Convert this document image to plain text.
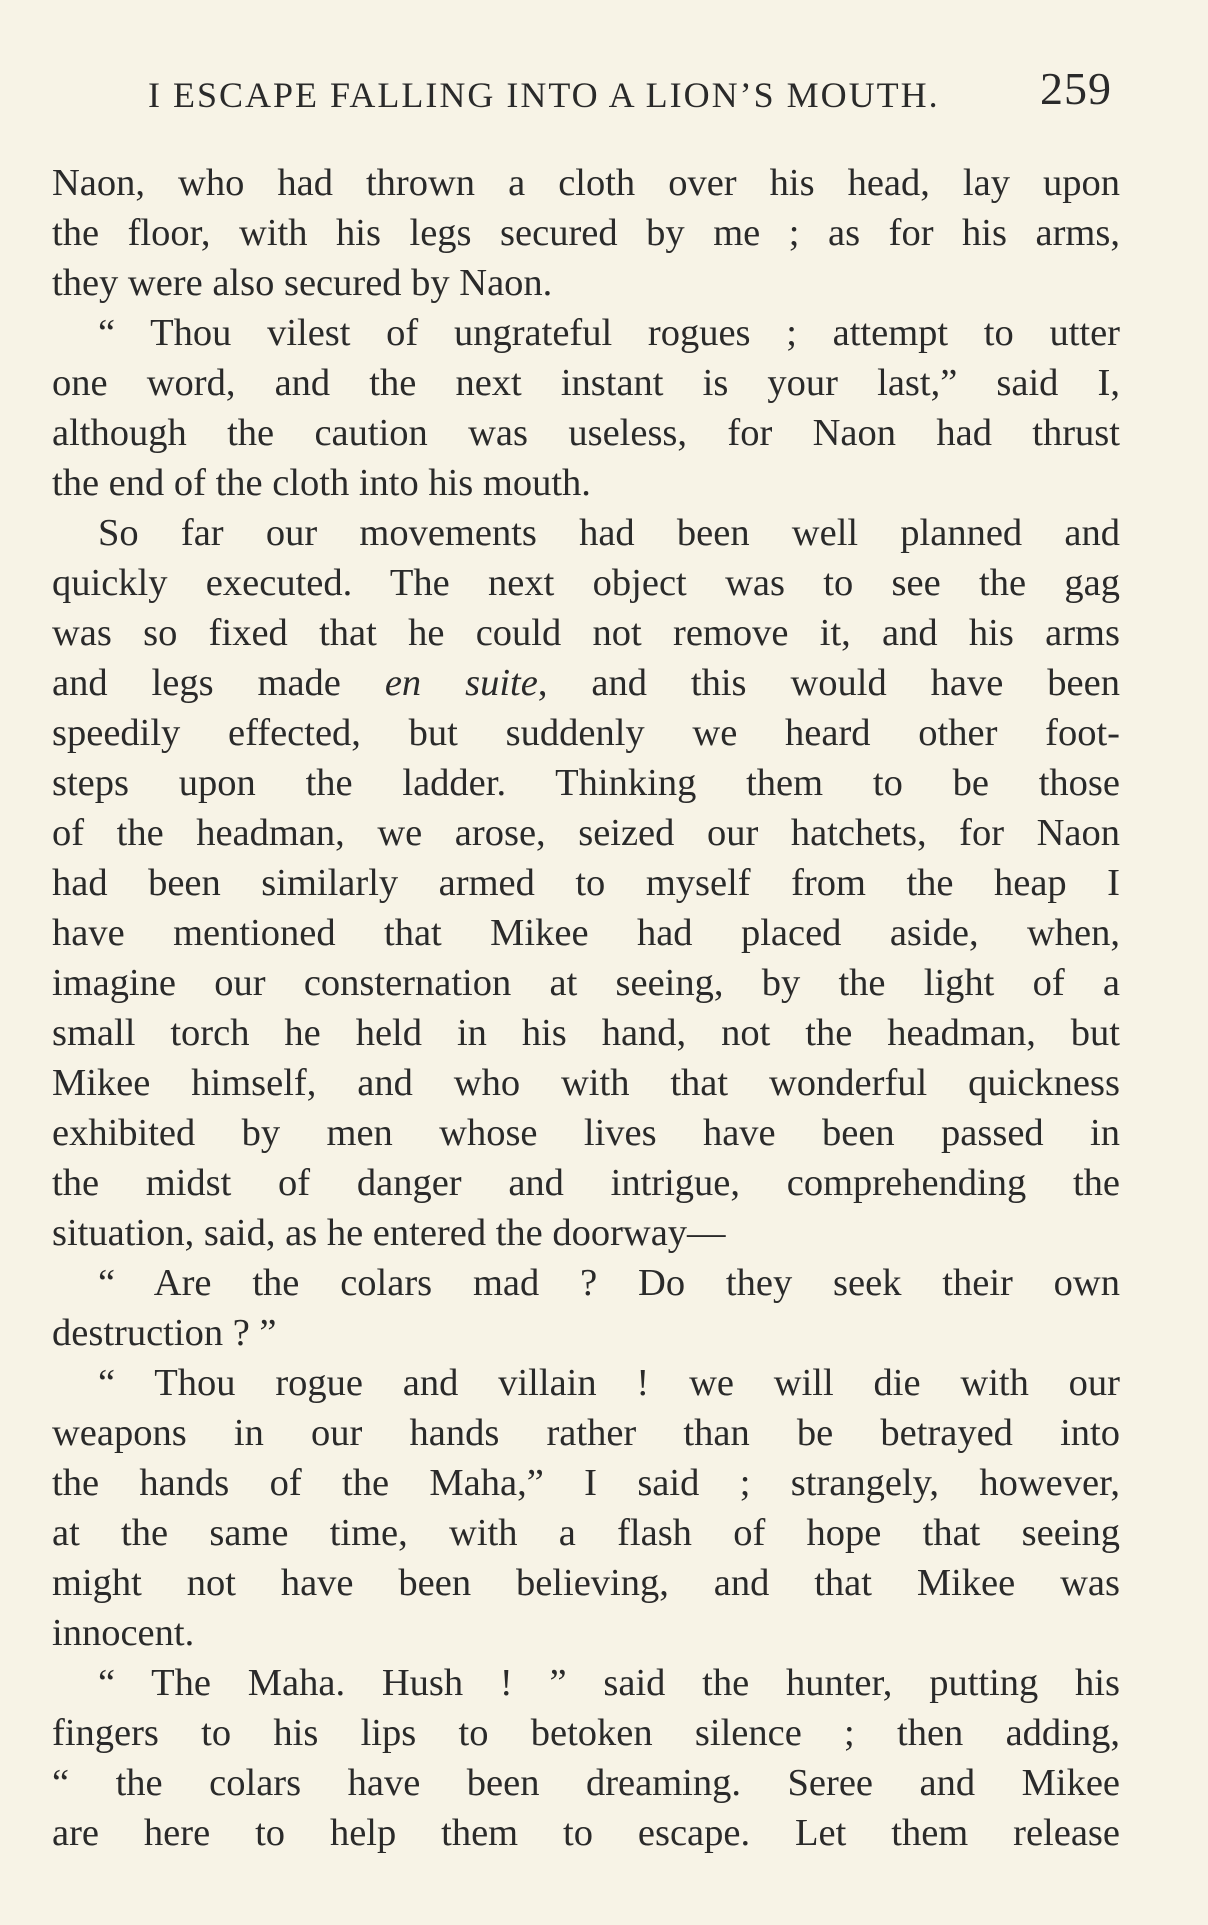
I ESCAPE FALLING INTO A LION’S MOUTH. 259
Naon, who had thrown a cloth over his head, lay upon
the floor, with his legs secured by me ; as for his arms,
they were also secured by Naon.
“ Thou vilest of ungrateful rogues ; attempt to utter
one word, and the next instant is your last,” said I,
although the caution was useless, for Naon had thrust
the end of the cloth into his mouth.
So far our movements had been well planned and
quickly executed. The next object was to see the gag
was so fixed that he could not remove it, and his arms
and legs made en suite, and this would have been
speedily effected, but suddenly we heard other foot-
steps upon the ladder. Thinking them to be those
of the headman, we arose, seized our hatchets, for Naon
had been similarly armed to myself from the heap I
have mentioned that Mikee had placed aside, when,
imagine our consternation at seeing, by the light of a
small torch he held in his hand, not the headman, but
Mikee himself, and who with that wonderful quickness
exhibited by men whose lives have been passed in
the midst of danger and intrigue, comprehending the
situation, said, as he entered the doorway—
“ Are the colars mad ? Do they seek their own
destruction ? ”
“ Thou rogue and villain ! we will die with our
weapons in our hands rather than be betrayed into
the hands of the Maha,” I said ; strangely, however,
at the same time, with a flash of hope that seeing
might not have been believing, and that Mikee was
innocent.
“ The Maha. Hush ! ” said the hunter, putting his
fingers to his lips to betoken silence ; then adding,
“ the colars have been dreaming. Seree and Mikee
are here to help them to escape. Let them release
